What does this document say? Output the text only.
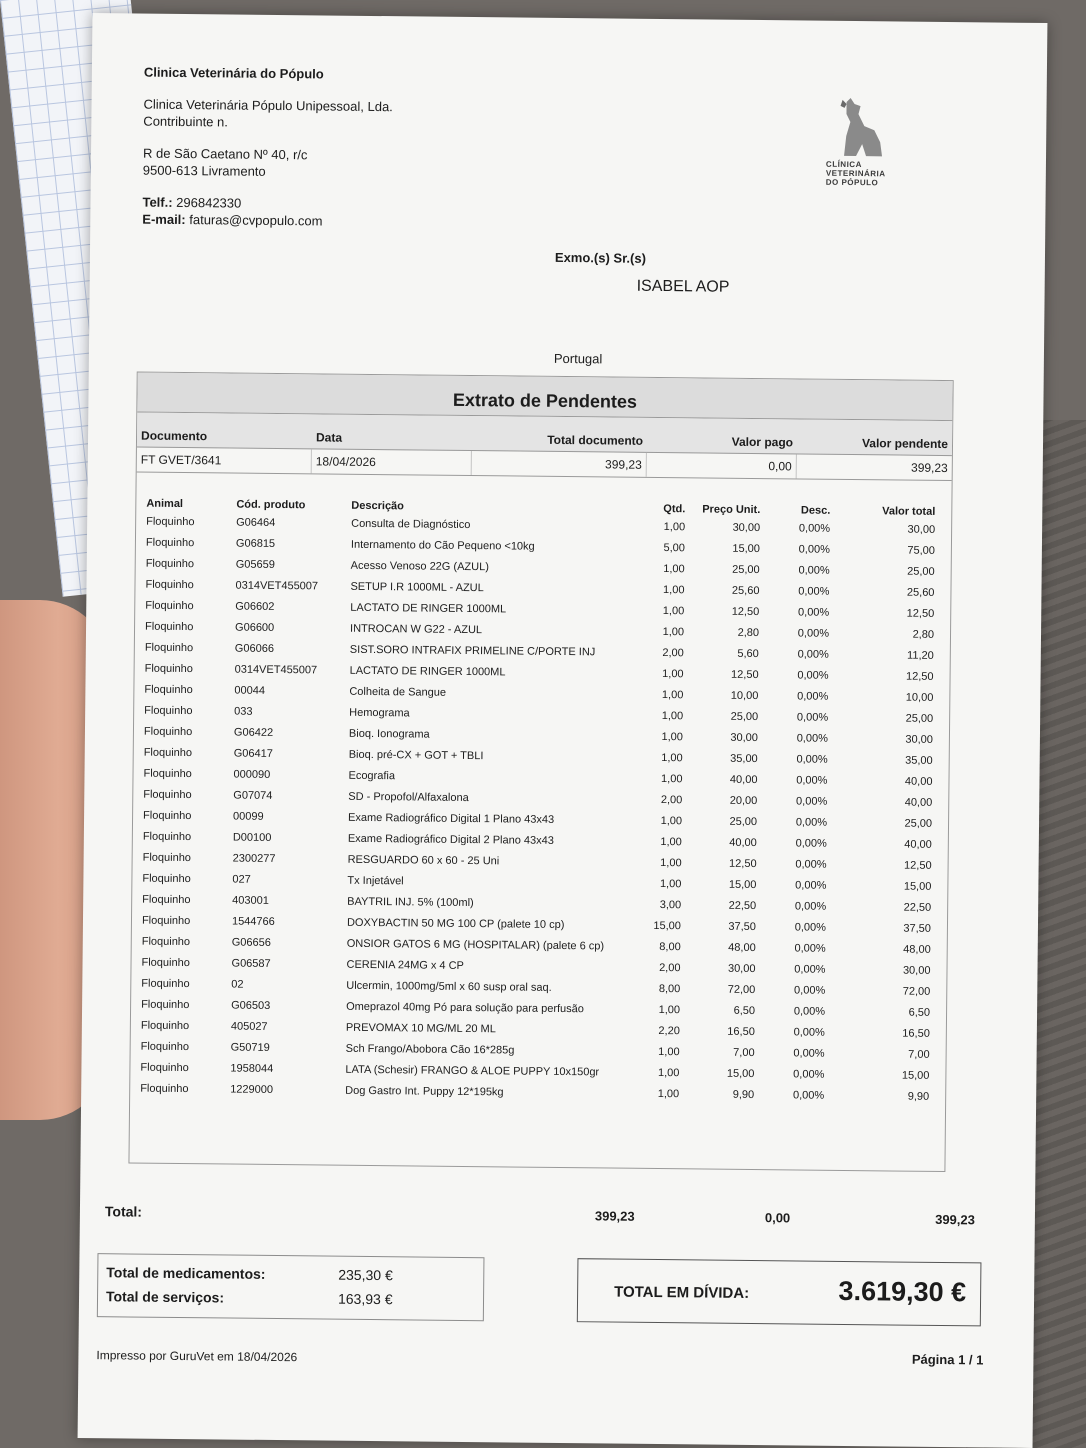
Clinica Veterinária do Pópulo
Clinica Veterinária Pópulo Unipessoal, Lda.
Contribuinte n.
R de São Caetano Nº 40, r/c
9500-613 Livramento
Telf.: 296842330
E-mail: faturas@cvpopulo.com
CLÍNICA
VETERINÁRIA
DO PÓPULO
Exmo.(s) Sr.(s)
ISABEL AOP
Portugal
Extrato de Pendentes
Documento	Data	Total documento	Valor pago	Valor pendente
FT GVET/3641	18/04/2026	399,23	0,00	399,23
Animal	Cód. produto	Descrição	Qtd.	Preço Unit.	Desc.	Valor total
Floquinho	G06464	Consulta de Diagnóstico	1,00	30,00	0,00%	30,00
Floquinho	G06815	Internamento do Cão Pequeno <10kg	5,00	15,00	0,00%	75,00
Floquinho	G05659	Acesso Venoso 22G (AZUL)	1,00	25,00	0,00%	25,00
Floquinho	0314VET455007	SETUP I.R 1000ML - AZUL	1,00	25,60	0,00%	25,60
Floquinho	G06602	LACTATO DE RINGER 1000ML	1,00	12,50	0,00%	12,50
Floquinho	G06600	INTROCAN W G22 - AZUL	1,00	2,80	0,00%	2,80
Floquinho	G06066	SIST.SORO INTRAFIX PRIMELINE C/PORTE INJ	2,00	5,60	0,00%	11,20
Floquinho	0314VET455007	LACTATO DE RINGER 1000ML	1,00	12,50	0,00%	12,50
Floquinho	00044	Colheita de Sangue	1,00	10,00	0,00%	10,00
Floquinho	033	Hemograma	1,00	25,00	0,00%	25,00
Floquinho	G06422	Bioq. Ionograma	1,00	30,00	0,00%	30,00
Floquinho	G06417	Bioq. pré-CX + GOT + TBLI	1,00	35,00	0,00%	35,00
Floquinho	000090	Ecografia	1,00	40,00	0,00%	40,00
Floquinho	G07074	SD - Propofol/Alfaxalona	2,00	20,00	0,00%	40,00
Floquinho	00099	Exame Radiográfico Digital 1 Plano 43x43	1,00	25,00	0,00%	25,00
Floquinho	D00100	Exame Radiográfico Digital 2 Plano 43x43	1,00	40,00	0,00%	40,00
Floquinho	2300277	RESGUARDO 60 x 60 - 25 Uni	1,00	12,50	0,00%	12,50
Floquinho	027	Tx Injetável	1,00	15,00	0,00%	15,00
Floquinho	403001	BAYTRIL INJ. 5% (100ml)	3,00	22,50	0,00%	22,50
Floquinho	1544766	DOXYBACTIN 50 MG 100 CP (palete 10 cp)	15,00	37,50	0,00%	37,50
Floquinho	G06656	ONSIOR GATOS 6 MG (HOSPITALAR) (palete 6 cp)	8,00	48,00	0,00%	48,00
Floquinho	G06587	CERENIA 24MG x 4 CP	2,00	30,00	0,00%	30,00
Floquinho	02	Ulcermin, 1000mg/5ml x 60 susp oral saq.	8,00	72,00	0,00%	72,00
Floquinho	G06503	Omeprazol 40mg Pó para solução para perfusão	1,00	6,50	0,00%	6,50
Floquinho	405027	PREVOMAX 10 MG/ML 20 ML	2,20	16,50	0,00%	16,50
Floquinho	G50719	Sch Frango/Abobora Cão 16*285g	1,00	7,00	0,00%	7,00
Floquinho	1958044	LATA (Schesir) FRANGO & ALOE PUPPY 10x150gr	1,00	15,00	0,00%	15,00
Floquinho	1229000	Dog Gastro Int. Puppy 12*195kg	1,00	9,90	0,00%	9,90
Total:	399,23	0,00	399,23
Total de medicamentos:	235,30 €
Total de serviços:	163,93 €	TOTAL EM DÍVIDA:	3.619,30 €
Impresso por GuruVet em 18/04/2026	Página 1 / 1
